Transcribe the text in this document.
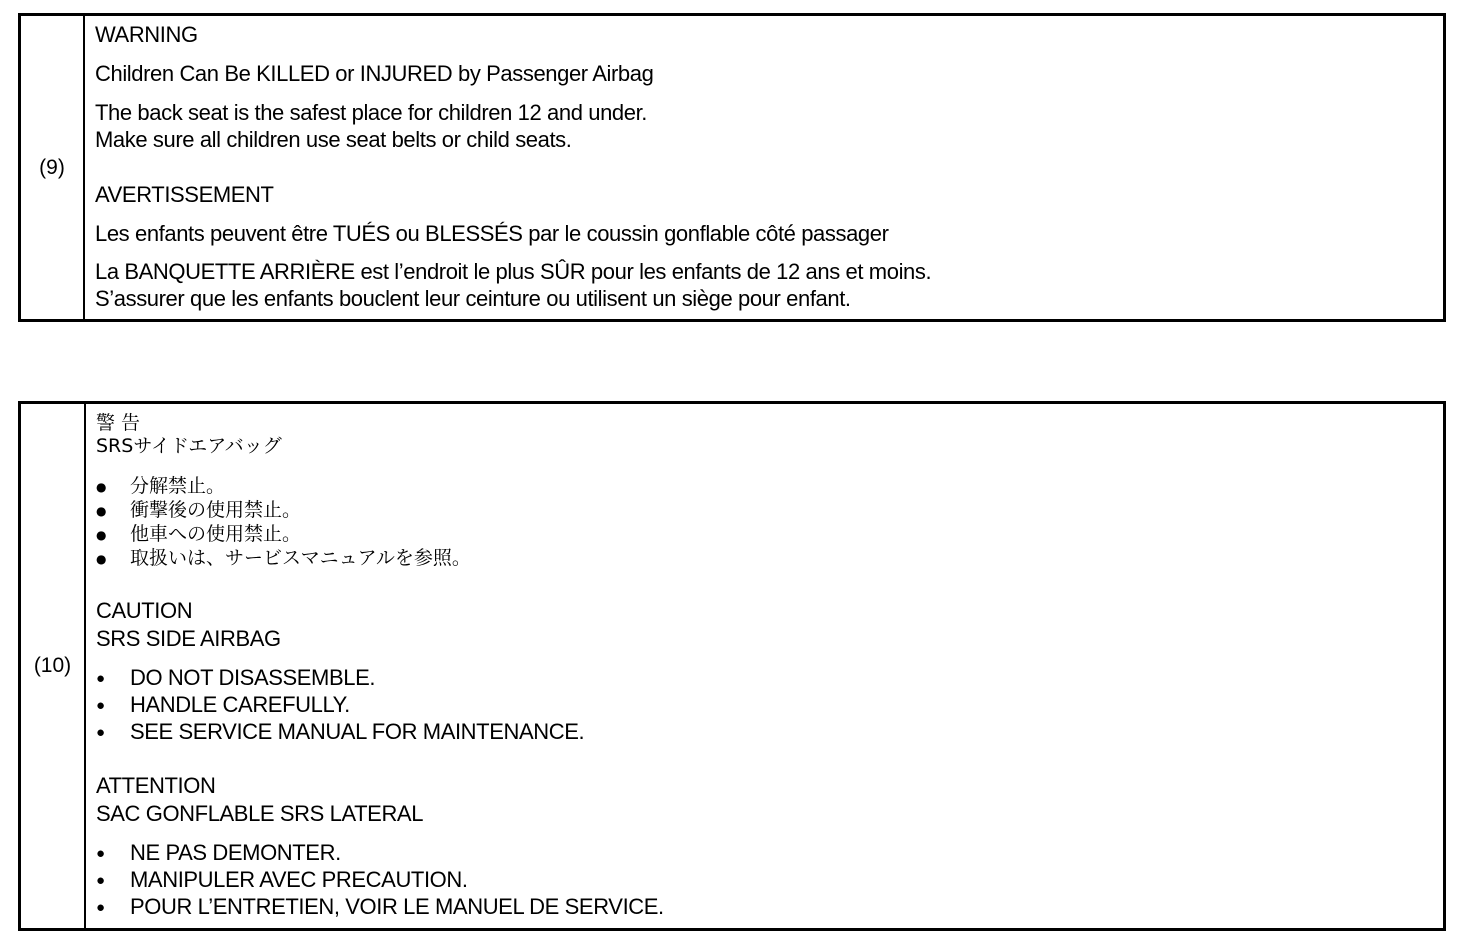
(9)
WARNING
Children Can Be KILLED or INJURED by Passenger Airbag
The back seat is the safest place for children 12 and under.
Make sure all children use seat belts or child seats.
AVERTISSEMENT
Les enfants peuvent être TUÉS ou BLESSÉS par le coussin gonflable côté passager
La BANQUETTE ARRIÈRE est l’endroit le plus SÛR pour les enfants de 12 ans et moins.
S’assurer que les enfants bouclent leur ceinture ou utilisent un siège pour enfant.
(10)
警 告
SRSサイドエアバッグ
● 分解禁止。
● 衝撃後の使用禁止。
● 他車への使用禁止。
● 取扱いは、サービスマニュアルを参照。
CAUTION
SRS SIDE AIRBAG
● DO NOT DISASSEMBLE.
● HANDLE CAREFULLY.
● SEE SERVICE MANUAL FOR MAINTENANCE.
ATTENTION
SAC GONFLABLE SRS LATERAL
● NE PAS DEMONTER.
● MANIPULER AVEC PRECAUTION.
● POUR L’ENTRETIEN, VOIR LE MANUEL DE SERVICE.
